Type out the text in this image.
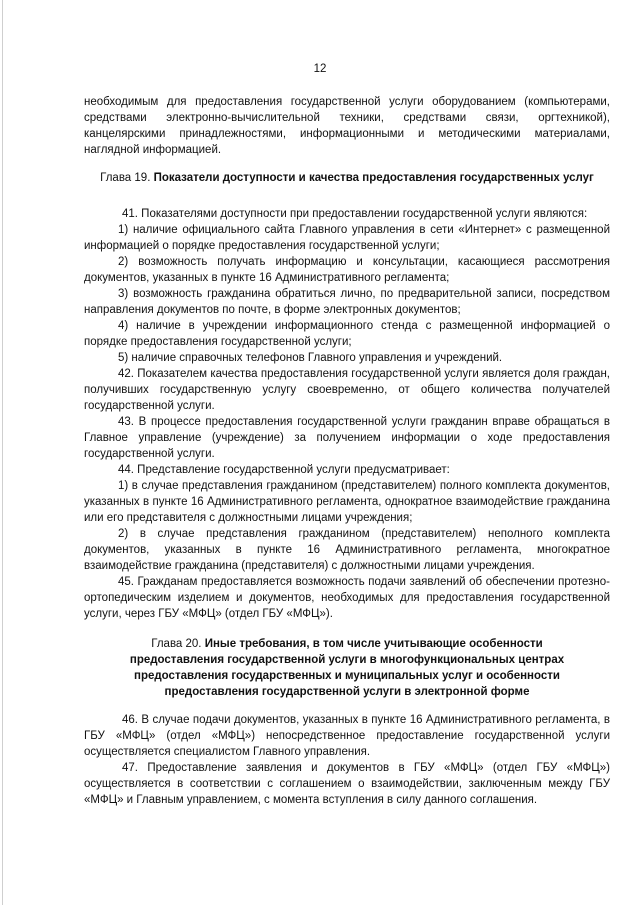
12

необходимым для предоставления государственной услуги оборудованием (компьютерами, средствами электронно-вычислительной техники, средствами связи, оргтехникой), канцелярскими принадлежностями, информационными и методическими материалами, наглядной информацией.

Глава 19. Показатели доступности и качества предоставления государственных услуг

41. Показателями доступности при предоставлении государственной услуги являются:

1) наличие официального сайта Главного управления в сети «Интернет» с размещенной информацией о порядке предоставления государственной услуги;

2) возможность получать информацию и консультации, касающиеся рассмотрения документов, указанных в пункте 16 Административного регламента;

3) возможность гражданина обратиться лично, по предварительной записи, посредством направления документов по почте, в форме электронных документов;

4) наличие в учреждении информационного стенда с размещенной информацией о порядке предоставления государственной услуги;

5) наличие справочных телефонов Главного управления и учреждений.

42. Показателем качества предоставления государственной услуги является доля граждан, получивших государственную услугу своевременно, от общего количества получателей государственной услуги.

43. В процессе предоставления государственной услуги гражданин вправе обращаться в Главное управление (учреждение) за получением информации о ходе предоставления государственной услуги.

44. Представление государственной услуги предусматривает:

1) в случае представления гражданином (представителем) полного комплекта документов, указанных в пункте 16 Административного регламента, однократное взаимодействие гражданина или его представителя с должностными лицами учреждения;

2) в случае представления гражданином (представителем) неполного комплекта документов, указанных в пункте 16 Административного регламента, многократное взаимодействие гражданина (представителя) с должностными лицами учреждения.

45. Гражданам предоставляется возможность подачи заявлений об обеспечении протезно-ортопедическим изделием и документов, необходимых для предоставления государственной услуги, через ГБУ «МФЦ» (отдел ГБУ «МФЦ»).

Глава 20. Иные требования, в том числе учитывающие особенности предоставления государственной услуги в многофункциональных центрах предоставления государственных и муниципальных услуг и особенности предоставления государственной услуги в электронной форме

46. В случае подачи документов, указанных в пункте 16 Административного регламента, в ГБУ «МФЦ» (отдел «МФЦ») непосредственное предоставление государственной услуги осуществляется специалистом Главного управления.

47. Предоставление заявления и документов в ГБУ «МФЦ» (отдел ГБУ «МФЦ») осуществляется в соответствии с соглашением о взаимодействии, заключенным между ГБУ «МФЦ» и Главным управлением, с момента вступления в силу данного соглашения.
